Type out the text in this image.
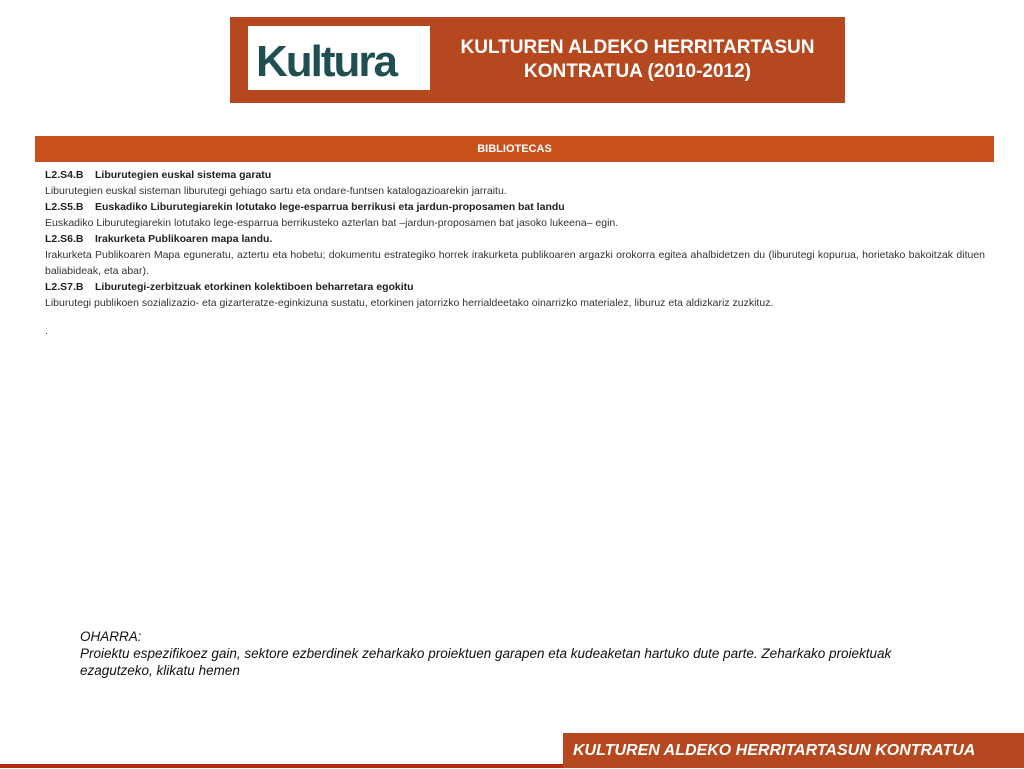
Kultura	KULTUREN ALDEKO HERRITARTASUN
KONTRATUA (2010-2012)
BIBLIOTECAS
L2.S4.B Liburutegien euskal sistema garatu
Liburutegien euskal sisteman liburutegi gehiago sartu eta ondare-funtsen katalogazioarekin jarraitu.
L2.S5.B Euskadiko Liburutegiarekin lotutako lege-esparrua berrikusi eta jardun-proposamen bat landu
Euskadiko Liburutegiarekin lotutako lege-esparrua berrikusteko azterlan bat –jardun-proposamen bat jasoko lukeena– egin.
L2.S6.B Irakurketa Publikoaren mapa landu.
Irakurketa Publikoaren Mapa eguneratu, aztertu eta hobetu; dokumentu estrategiko horrek irakurketa publikoaren argazki orokorra egitea ahalbidetzen du (liburutegi kopurua, horietako bakoitzak dituen baliabideak, eta abar).
L2.S7.B Liburutegi-zerbitzuak etorkinen kolektiboen beharretara egokitu
Liburutegi publikoen sozializazio- eta gizarteratze-eginkizuna sustatu, etorkinen jatorrizko herrialdeetako oinarrizko materialez, liburuz eta aldizkariz zuzkituz.
.
OHARRA:
Proiektu espezifikoez gain, sektore ezberdinek zeharkako proiektuen garapen eta kudeaketan hartuko dute parte. Zeharkako proiektuak ezagutzeko, klikatu hemen
KULTUREN ALDEKO HERRITARTASUN KONTRATUA
